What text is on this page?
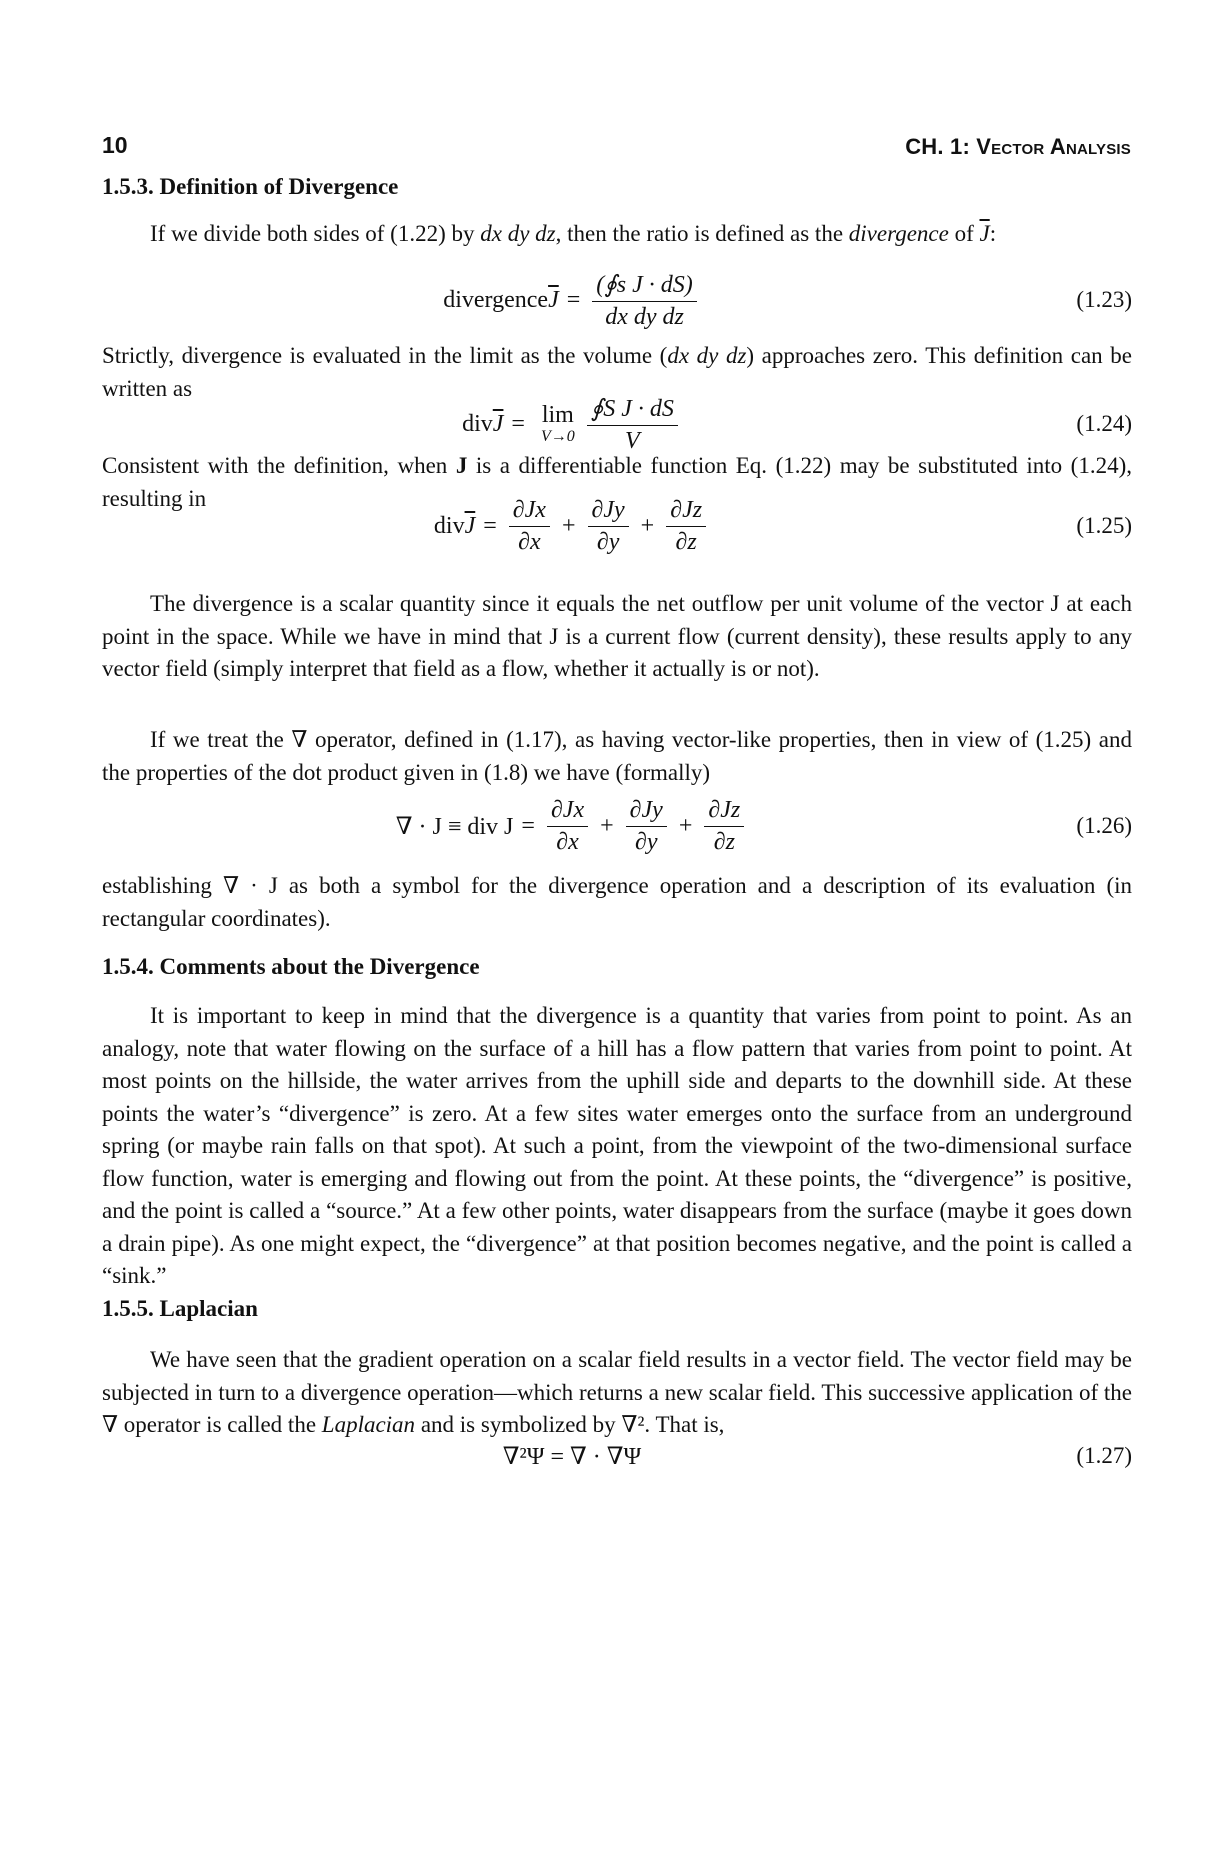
10	CH. 1: Vector Analysis
1.5.3. Definition of Divergence
If we divide both sides of (1.22) by dx dy dz, then the ratio is defined as the divergence of $\overline{J}$:
divergence $\overline{J} = \frac{\text{(∮s J · dS)}}{\text{dx dy dz}}$	(1.23)
Strictly, divergence is evaluated in the limit as the volume (dx dy dz) approaches zero. This definition can be written as
div $\overline{J} = \lim$
$V\to 0 \frac{\text{∮S J · dS}}{V}$	(1.24)
Consistent with the definition, when J is a differentiable function Eq. (1.22) may be substituted into (1.24), resulting in
div $\overline{J} = \frac{\partial Jx}{\partial x} + \frac{\partial Jy}{\partial y} + \frac{\partial Jz}{\partial z}$	(1.25)
The divergence is a scalar quantity since it equals the net outflow per unit volume of the vector J at each point in the space. While we have in mind that J is a current flow (current density), these results apply to any vector field (simply interpret that field as a flow, whether it actually is or not).
If we treat the ∇ operator, defined in (1.17), as having vector-like properties, then in view of (1.25) and the properties of the dot product given in (1.8) we have (formally)
∇ · J ≡ div $J = \frac{\partial Jx}{\partial x} + \frac{\partial Jy}{\partial y} + \frac{\partial Jz}{\partial z}$	(1.26)
establishing ∇ · J as both a symbol for the divergence operation and a description of its evaluation (in rectangular coordinates).
1.5.4. Comments about the Divergence
It is important to keep in mind that the divergence is a quantity that varies from point to point. As an analogy, note that water flowing on the surface of a hill has a flow pattern that varies from point to point. At most points on the hillside, the water arrives from the uphill side and departs to the downhill side. At these points the water’s “divergence” is zero. At a few sites water emerges onto the surface from an underground spring (or maybe rain falls on that spot). At such a point, from the viewpoint of the two-dimensional surface flow function, water is emerging and flowing out from the point. At these points, the “divergence” is positive, and the point is called a “source.” At a few other points, water disappears from the surface (maybe it goes down a drain pipe). As one might expect, the “divergence” at that position becomes negative, and the point is called a “sink.”
1.5.5. Laplacian
We have seen that the gradient operation on a scalar field results in a vector field. The vector field may be subjected in turn to a divergence operation—which returns a new scalar field. This successive application of the ∇ operator is called the Laplacian and is symbolized by ∇². That is,
∇²Ψ = ∇ · ∇Ψ	(1.27)
